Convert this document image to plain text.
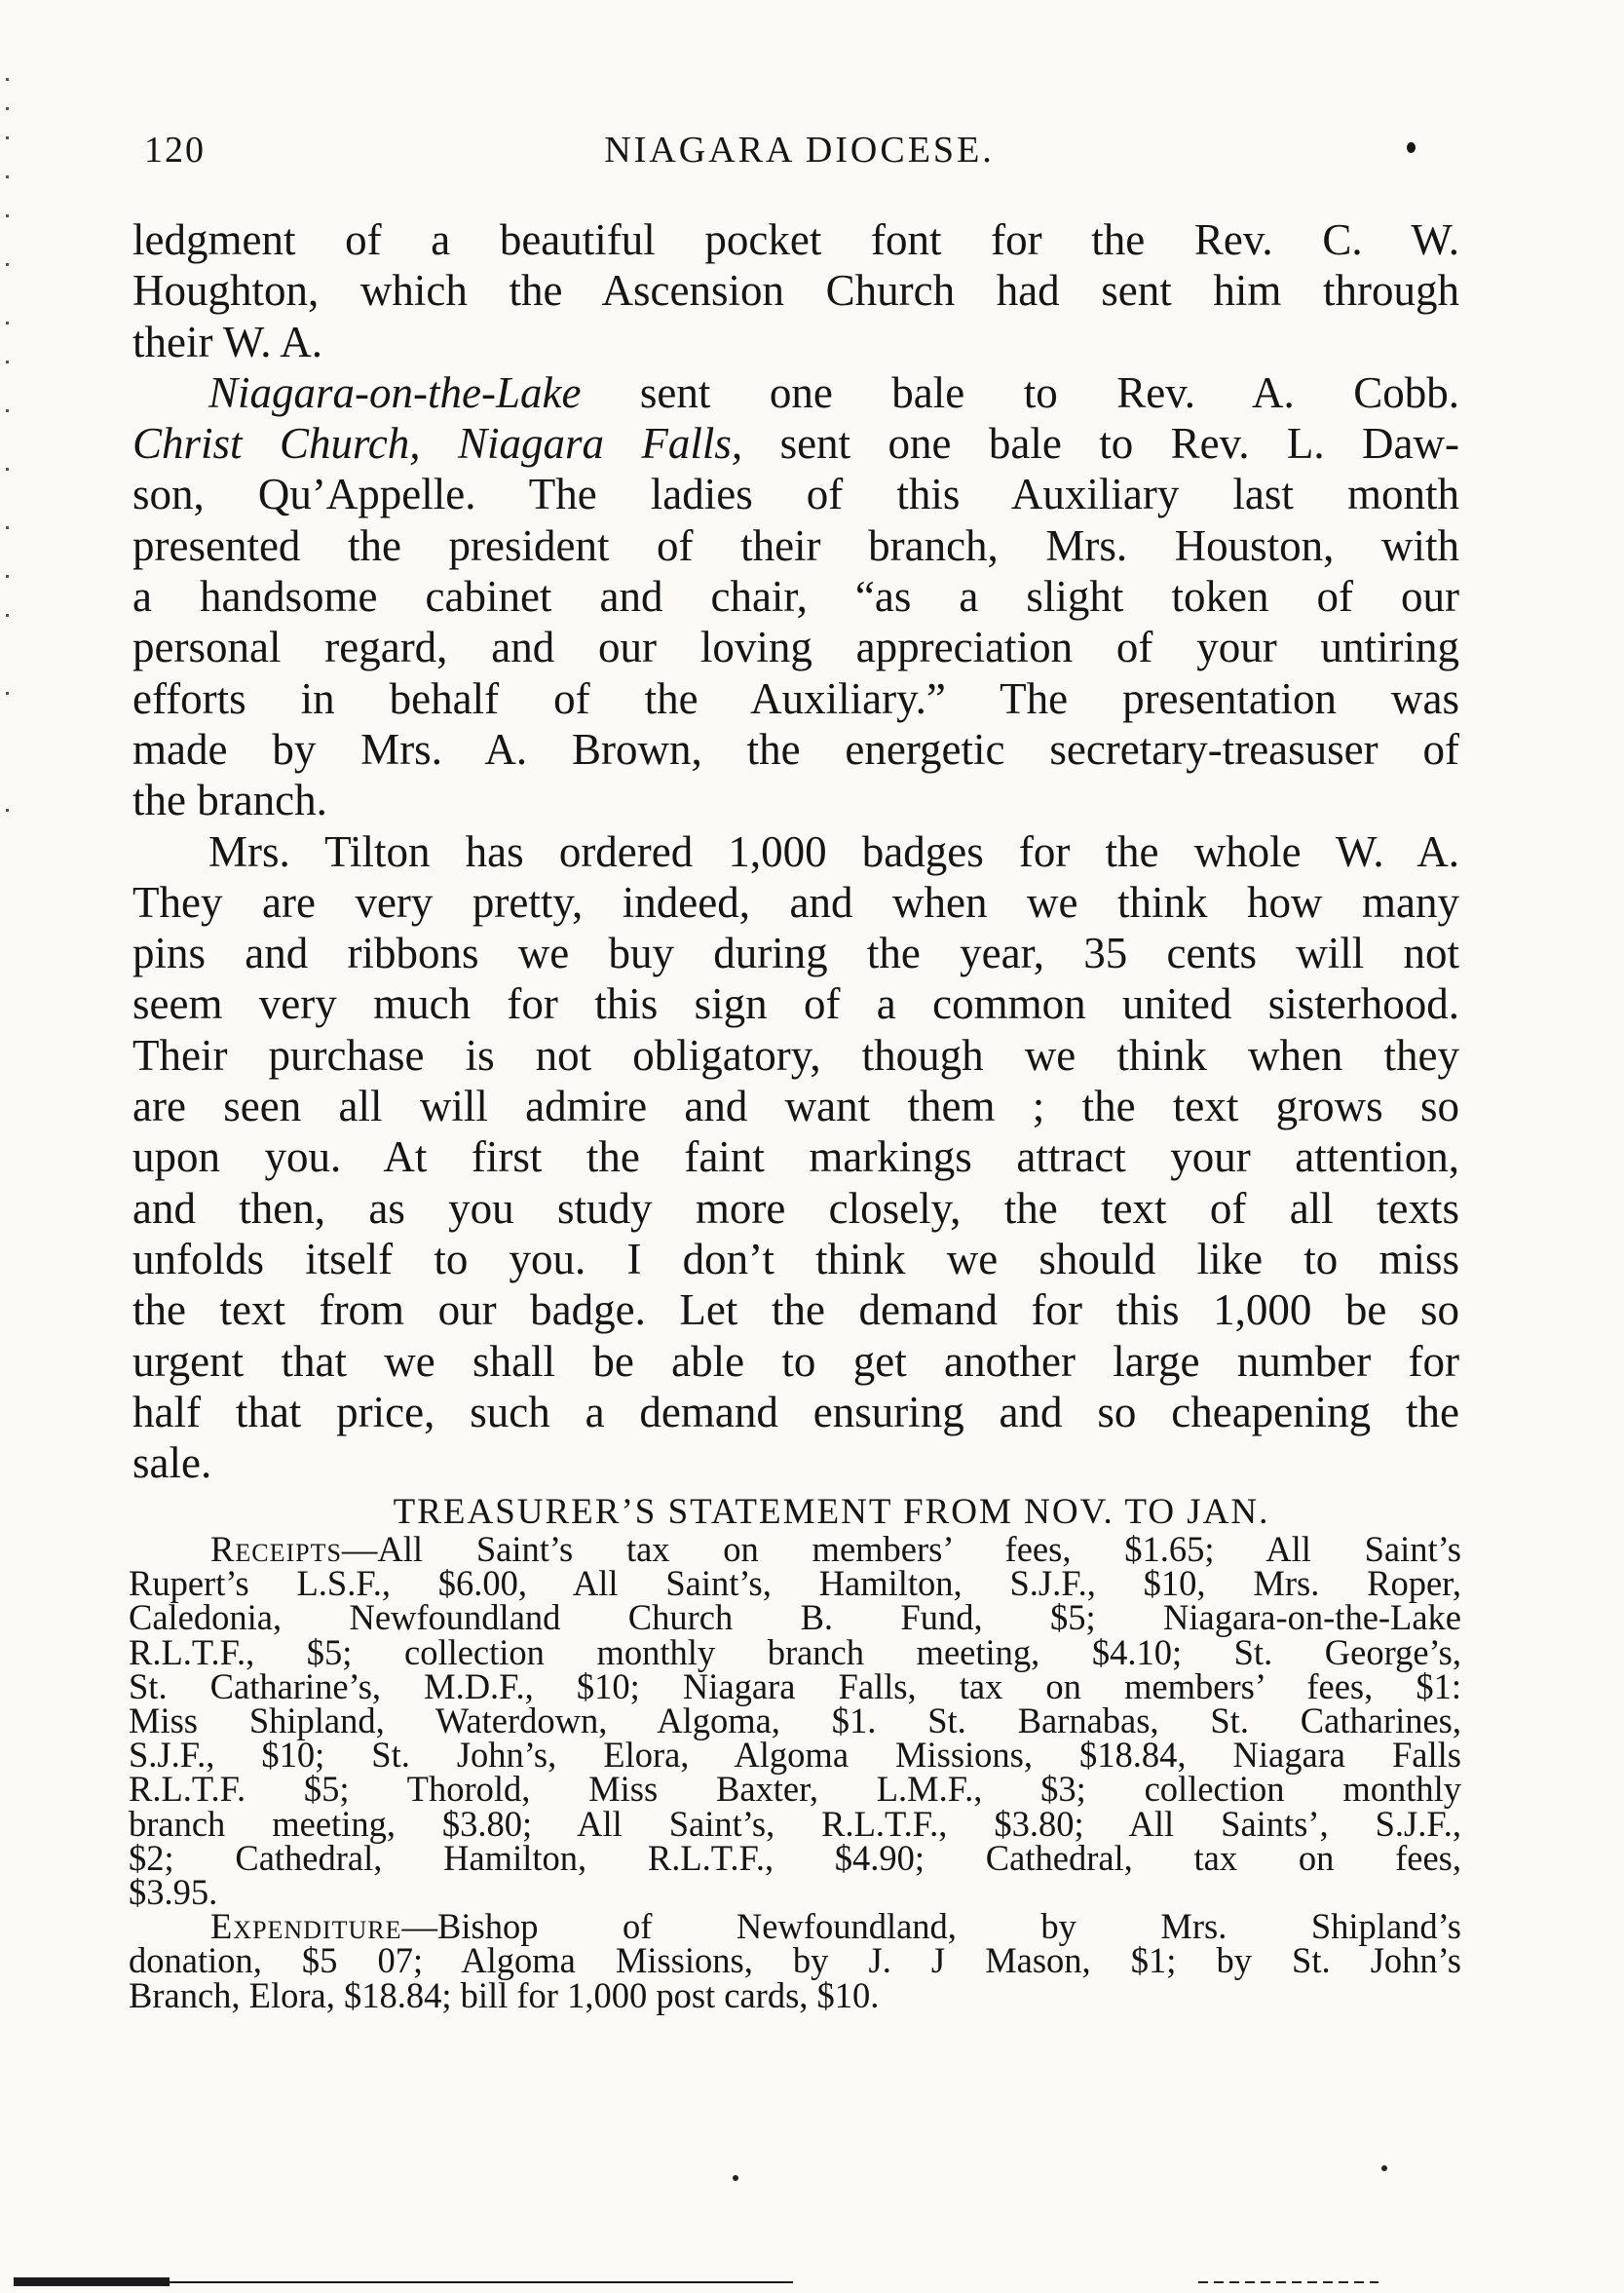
120	NIAGARA DIOCESE.

ledgment of a beautiful pocket font for the Rev. C. W.
Houghton, which the Ascension Church had sent him through
their W. A.

Niagara-on-the-Lake sent one bale to Rev. A. Cobb.
Christ Church, Niagara Falls, sent one bale to Rev. L. Daw-
son, Qu’Appelle. The ladies of this Auxiliary last month
presented the president of their branch, Mrs. Houston, with
a handsome cabinet and chair, “as a slight token of our
personal regard, and our loving appreciation of your untiring
efforts in behalf of the Auxiliary.” The presentation was
made by Mrs. A. Brown, the energetic secretary-treasuser of
the branch.

Mrs. Tilton has ordered 1,000 badges for the whole W. A.
They are very pretty, indeed, and when we think how many
pins and ribbons we buy during the year, 35 cents will not
seem very much for this sign of a common united sisterhood.
Their purchase is not obligatory, though we think when they
are seen all will admire and want them ; the text grows so
upon you. At first the faint markings attract your attention,
and then, as you study more closely, the text of all texts
unfolds itself to you. I don’t think we should like to miss
the text from our badge. Let the demand for this 1,000 be so
urgent that we shall be able to get another large number for
half that price, such a demand ensuring and so cheapening the
sale.

TREASURER’S STATEMENT FROM NOV. TO JAN.
Receipts—All Saint’s tax on members’ fees, $1.65; All Saint’s
Rupert’s L.S.F., $6.00, All Saint’s, Hamilton, S.J.F., $10, Mrs. Roper,
Caledonia, Newfoundland Church B. Fund, $5; Niagara-on-the-Lake
R.L.T.F., $5; collection monthly branch meeting, $4.10; St. George’s,
St. Catharine’s, M.D.F., $10; Niagara Falls, tax on members’ fees, $1:
Miss Shipland, Waterdown, Algoma, $1. St. Barnabas, St. Catharines,
S.J.F., $10; St. John’s, Elora, Algoma Missions, $18.84, Niagara Falls
R.L.T.F. $5; Thorold, Miss Baxter, L.M.F., $3; collection monthly
branch meeting, $3.80; All Saint’s, R.L.T.F., $3.80; All Saints’, S.J.F.,
$2; Cathedral, Hamilton, R.L.T.F., $4.90; Cathedral, tax on fees,
$3.95.
Expenditure—Bishop of Newfoundland, by Mrs. Shipland’s
donation, $5 07; Algoma Missions, by J. J Mason, $1; by St. John’s
Branch, Elora, $18.84; bill for 1,000 post cards, $10.
